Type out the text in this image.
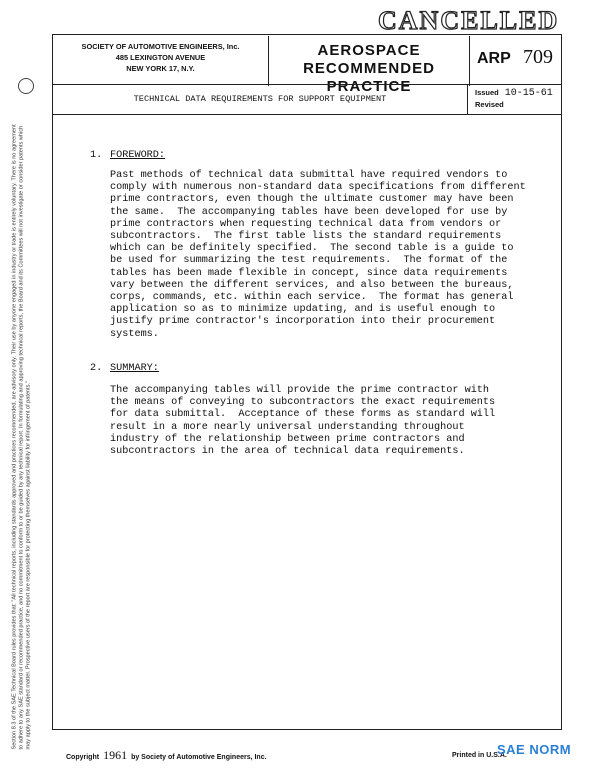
CANCELLED
SOCIETY OF AUTOMOTIVE ENGINEERS, Inc.
485 LEXINGTON AVENUE
NEW YORK 17, N.Y.
AEROSPACE
RECOMMENDED PRACTICE
ARP 709
TECHNICAL DATA REQUIREMENTS FOR SUPPORT EQUIPMENT
Issued 10-15-61
Revised
1. FOREWORD:
Past methods of technical data submittal have required vendors to
comply with numerous non-standard data specifications from different
prime contractors, even though the ultimate customer may have been
the same.  The accompanying tables have been developed for use by
prime contractors when requesting technical data from vendors or
subcontractors.  The first table lists the standard requirements
which can be definitely specified.  The second table is a guide to
be used for summarizing the test requirements.  The format of the
tables has been made flexible in concept, since data requirements
vary between the different services, and also between the bureaus,
corps, commands, etc. within each service.  The format has general
application so as to minimize updating, and is useful enough to
justify prime contractor's incorporation into their procurement
systems.
2. SUMMARY:
The accompanying tables will provide the prime contractor with
the means of conveying to subcontractors the exact requirements
for data submittal.  Acceptance of these forms as standard will
result in a more nearly universal understanding throughout
industry of the relationship between prime contractors and
subcontractors in the area of technical data requirements.
Section 8.3 of the SAE Technical Board rules provides that: "All technical reports, including standards approved and practices recommended, are advisory only. Their use by anyone engaged in industry or trade is entirely voluntary. There is no agreement to adhere to any SAE standard or recommended practice, and no commitment to conform to or be guided by any technical report. In formulating and approving technical reports, the Board and its Committees will not investigate or consider patents which may apply to the subject matter. Prospective users of the report are responsible for protecting themselves against liability for infringement of patents."
Copyright 1961 by Society of Automotive Engineers, Inc.	Printed in U.S.A.
SAE NORM
